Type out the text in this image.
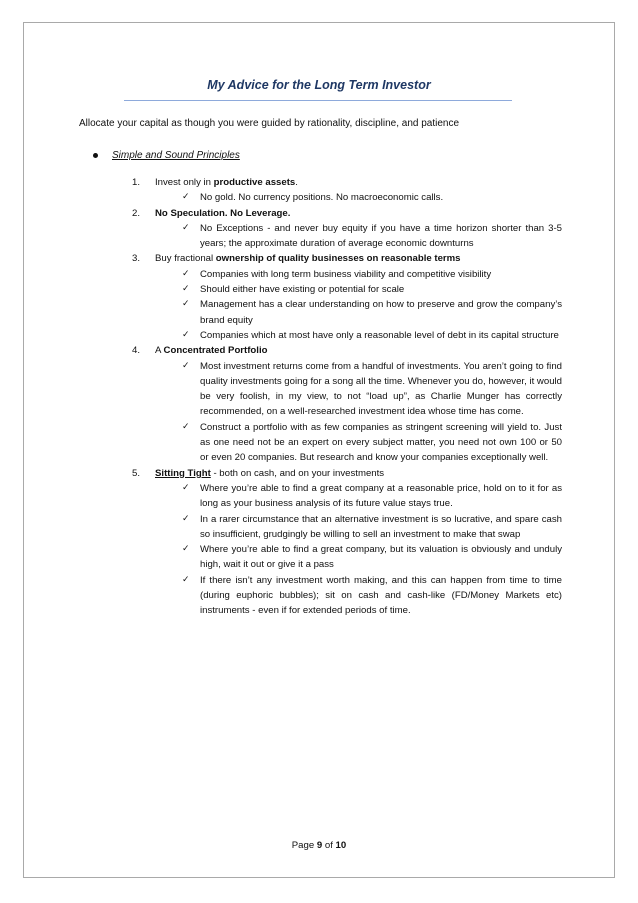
My Advice for the Long Term Investor
Allocate your capital as though you were guided by rationality, discipline, and patience
Simple and Sound Principles
1. Invest only in productive assets.
✓ No gold. No currency positions. No macroeconomic calls.
2. No Speculation. No Leverage.
✓ No Exceptions - and never buy equity if you have a time horizon shorter than 3-5 years; the approximate duration of average economic downturns
3. Buy fractional ownership of quality businesses on reasonable terms
✓ Companies with long term business viability and competitive visibility
✓ Should either have existing or potential for scale
✓ Management has a clear understanding on how to preserve and grow the company’s brand equity
✓ Companies which at most have only a reasonable level of debt in its capital structure
4. A Concentrated Portfolio
✓ Most investment returns come from a handful of investments. You aren’t going to find quality investments going for a song all the time. Whenever you do, however, it would be very foolish, in my view, to not “load up”, as Charlie Munger has correctly recommended, on a well-researched investment idea whose time has come.
✓ Construct a portfolio with as few companies as stringent screening will yield to. Just as one need not be an expert on every subject matter, you need not own 100 or 50 or even 20 companies. But research and know your companies exceptionally well.
5. Sitting Tight - both on cash, and on your investments
✓ Where you’re able to find a great company at a reasonable price, hold on to it for as long as your business analysis of its future value stays true.
✓ In a rarer circumstance that an alternative investment is so lucrative, and spare cash so insufficient, grudgingly be willing to sell an investment to make that swap
✓ Where you’re able to find a great company, but its valuation is obviously and unduly high, wait it out or give it a pass
✓ If there isn’t any investment worth making, and this can happen from time to time (during euphoric bubbles); sit on cash and cash-like (FD/Money Markets etc) instruments - even if for extended periods of time.
Page 9 of 10
